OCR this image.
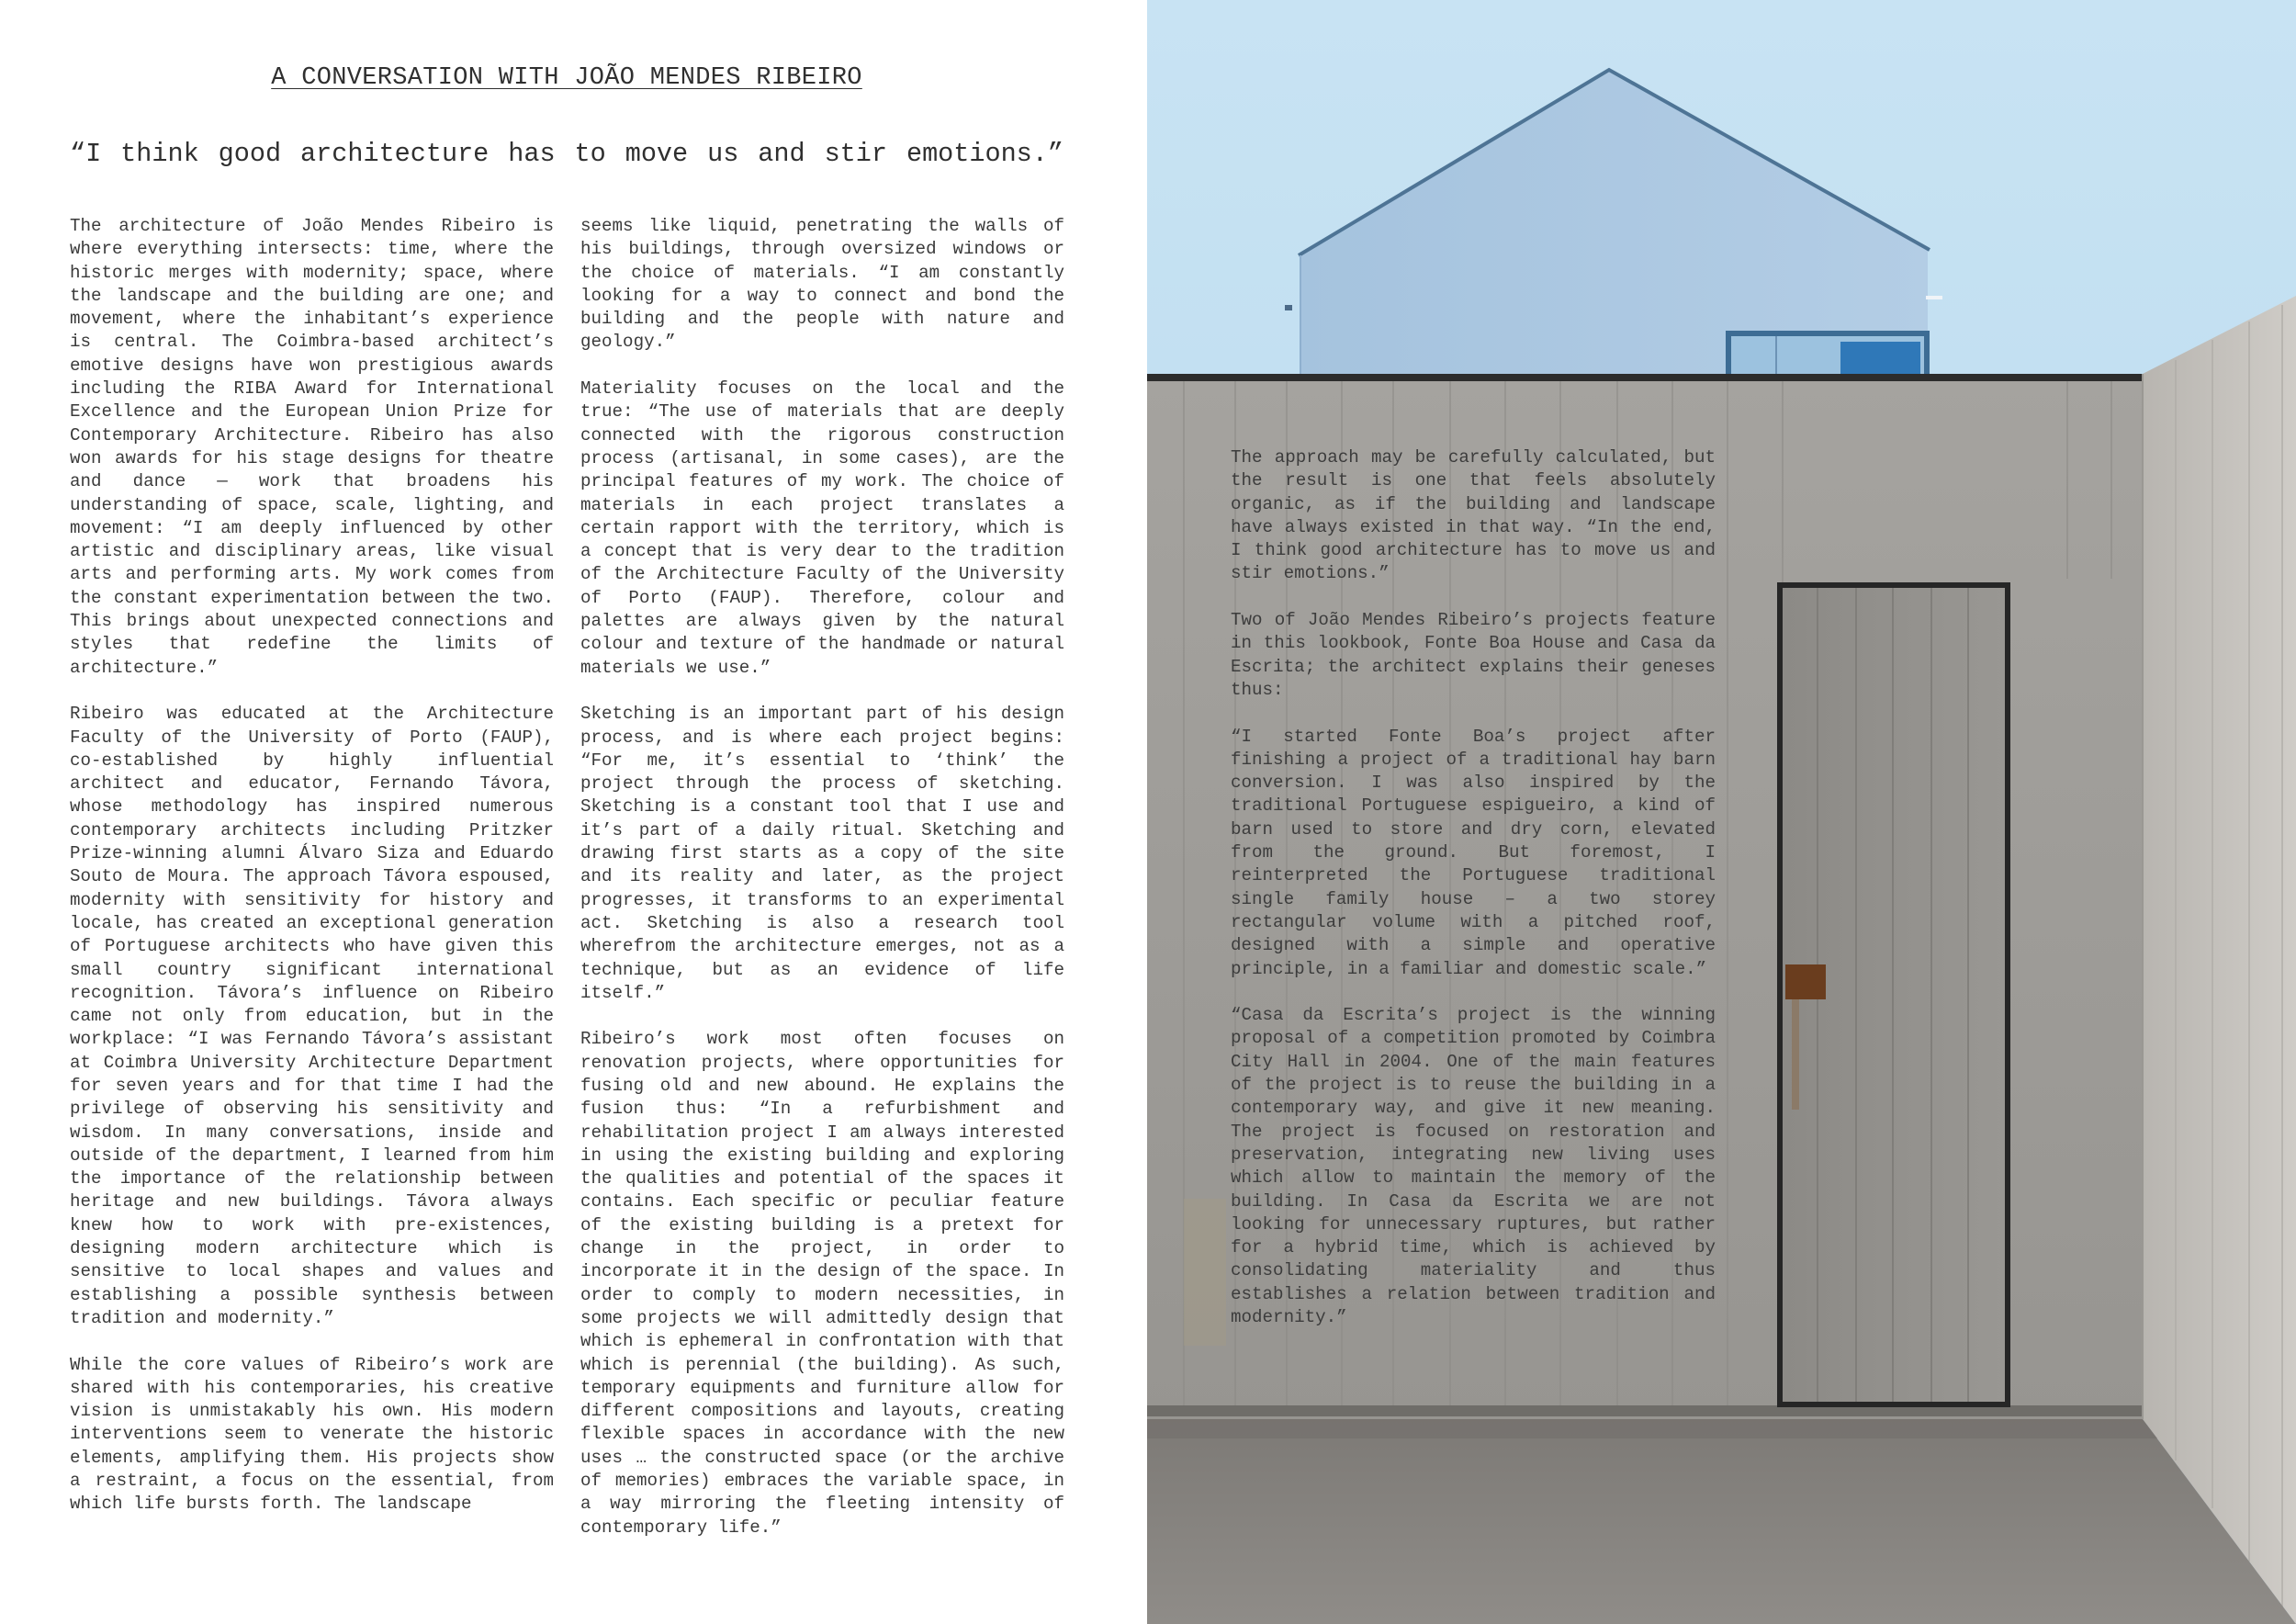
A CONVERSATION WITH JOÃO MENDES RIBEIRO

“I think good architecture has to move us and stir emotions.”

The architecture of João Mendes Ribeiro is where everything intersects: time, where the historic merges with modernity; space, where the landscape and the building are one; and movement, where the inhabitant’s experience is central. The Coimbra-based architect’s emotive designs have won prestigious awards including the RIBA Award for International Excellence and the European Union Prize for Contemporary Architecture. Ribeiro has also won awards for his stage designs for theatre and dance — work that broadens his understanding of space, scale, lighting, and movement: “I am deeply influenced by other artistic and disciplinary areas, like visual arts and performing arts. My work comes from the constant experimentation between the two. This brings about unexpected connections and styles that redefine the limits of architecture.”

Ribeiro was educated at the Architecture Faculty of the University of Porto (FAUP), co-established by highly influential architect and educator, Fernando Távora, whose methodology has inspired numerous contemporary architects including Pritzker Prize-winning alumni Álvaro Siza and Eduardo Souto de Moura. The approach Távora espoused, modernity with sensitivity for history and locale, has created an exceptional generation of Portuguese architects who have given this small country significant international recognition. Távora’s influence on Ribeiro came not only from education, but in the workplace: “I was Fernando Távora’s assistant at Coimbra University Architecture Department for seven years and for that time I had the privilege of observing his sensitivity and wisdom. In many conversations, inside and outside of the department, I learned from him the importance of the relationship between heritage and new buildings. Távora always knew how to work with pre-existences, designing modern architecture which is sensitive to local shapes and values and establishing a possible synthesis between tradition and modernity.”

While the core values of Ribeiro’s work are shared with his contemporaries, his creative vision is unmistakably his own. His modern interventions seem to venerate the historic elements, amplifying them. His projects show a restraint, a focus on the essential, from which life bursts forth. The landscape

seems like liquid, penetrating the walls of his buildings, through oversized windows or the choice of materials. “I am constantly looking for a way to connect and bond the building and the people with nature and geology.”

Materiality focuses on the local and the true: “The use of materials that are deeply connected with the rigorous construction process (artisanal, in some cases), are the principal features of my work. The choice of materials in each project translates a certain rapport with the territory, which is a concept that is very dear to the tradition of the Architecture Faculty of the University of Porto (FAUP). Therefore, colour and palettes are always given by the natural colour and texture of the handmade or natural materials we use.”

Sketching is an important part of his design process, and is where each project begins: “For me, it’s essential to ‘think’ the project through the process of sketching. Sketching is a constant tool that I use and it’s part of a daily ritual. Sketching and drawing first starts as a copy of the site and its reality and later, as the project progresses, it transforms to an experimental act. Sketching is also a research tool wherefrom the architecture emerges, not as a technique, but as an evidence of life itself.”

Ribeiro’s work most often focuses on renovation projects, where opportunities for fusing old and new abound. He explains the fusion thus: “In a refurbishment and rehabilitation project I am always interested in using the existing building and exploring the qualities and potential of the spaces it contains. Each specific or peculiar feature of the existing building is a pretext for change in the project, in order to incorporate it in the design of the space. In order to comply to modern necessities, in some projects we will admittedly design that which is ephemeral in confrontation with that which is perennial (the building). As such, temporary equipments and furniture allow for different compositions and layouts, creating flexible spaces in accordance with the new uses … the constructed space (or the archive of memories) embraces the variable space, in a way mirroring the fleeting intensity of contemporary life.”

The approach may be carefully calculated, but the result is one that feels absolutely organic, as if the building and landscape have always existed in that way. “In the end, I think good architecture has to move us and stir emotions.”

Two of João Mendes Ribeiro’s projects feature in this lookbook, Fonte Boa House and Casa da Escrita; the architect explains their geneses thus:

“I started Fonte Boa’s project after finishing a project of a traditional hay barn conversion. I was also inspired by the traditional Portuguese espigueiro, a kind of barn used to store and dry corn, elevated from the ground. But foremost, I reinterpreted the Portuguese traditional single family house – a two storey rectangular volume with a pitched roof, designed with a simple and operative principle, in a familiar and domestic scale.”

“Casa da Escrita’s project is the winning proposal of a competition promoted by Coimbra City Hall in 2004. One of the main features of the project is to reuse the building in a contemporary way, and give it new meaning. The project is focused on restoration and preservation, integrating new living uses which allow to maintain the memory of the building. In Casa da Escrita we are not looking for unnecessary ruptures, but rather for a hybrid time, which is achieved by consolidating materiality and thus establishes a relation between tradition and modernity.”
